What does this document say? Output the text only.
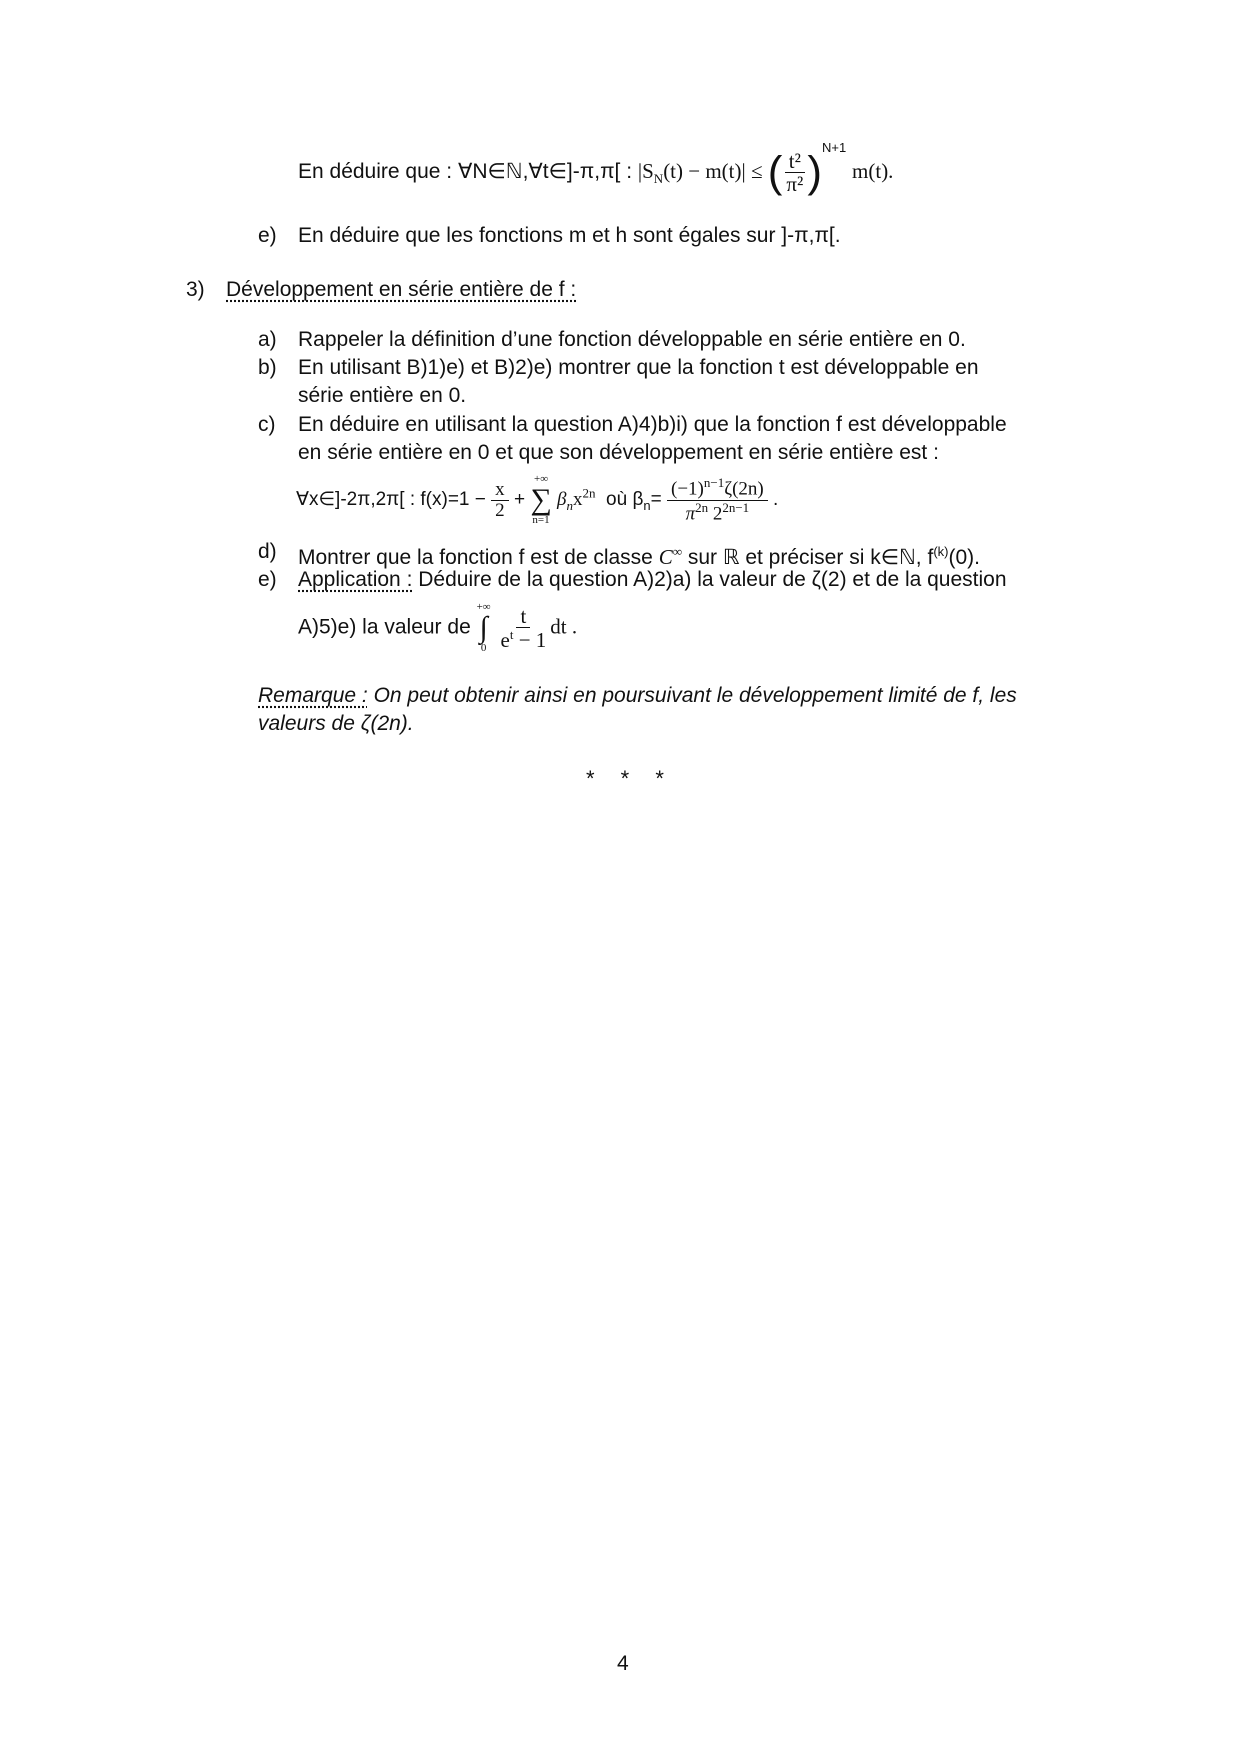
En déduire que : ∀N∈ℕ,∀t∈]-π,π[ : $|S_N(t) - m(t)|$ ≤ ( $\frac{\text{t²}}{\text{π²}} )^{N+1}$ m(t).
e) En déduire que les fonctions m et h sont égales sur ]-π,π[.
3) Développement en série entière de f :
a) Rappeler la définition d’une fonction développable en série entière en 0.
b) En utilisant B)1)e) et B)2)e) montrer que la fonction t est développable en
série entière en 0.
c) En déduire en utilisant la question A)4)b)i) que la fonction f est développable
en série entière en 0 et que son développement en série entière est :
∀x∈]-2π,2π[ : $f(x)=1 - \frac{x}{2}$ +
+∞
∑
n=1
$\beta_nx^{2n}$ où $\beta_n= \frac{(-1)^{n-1}\zeta(2n)}{\pi^{2n} 2^{2n-1}}$ .
d) Montrer que la fonction f est de classe C∞ sur ℝ et préciser si k∈ℕ, $f^{(k)}(0)$.
e) Application : Déduire de la question A)2)a) la valeur de ζ(2) et de la question
A)5)e) la valeur de
+∞
∫
0
$\frac{t}{e^t - 1}$ dt .
Remarque : On peut obtenir ainsi en poursuivant le développement limité de f, les
valeurs de ζ(2n).
* * *
4
